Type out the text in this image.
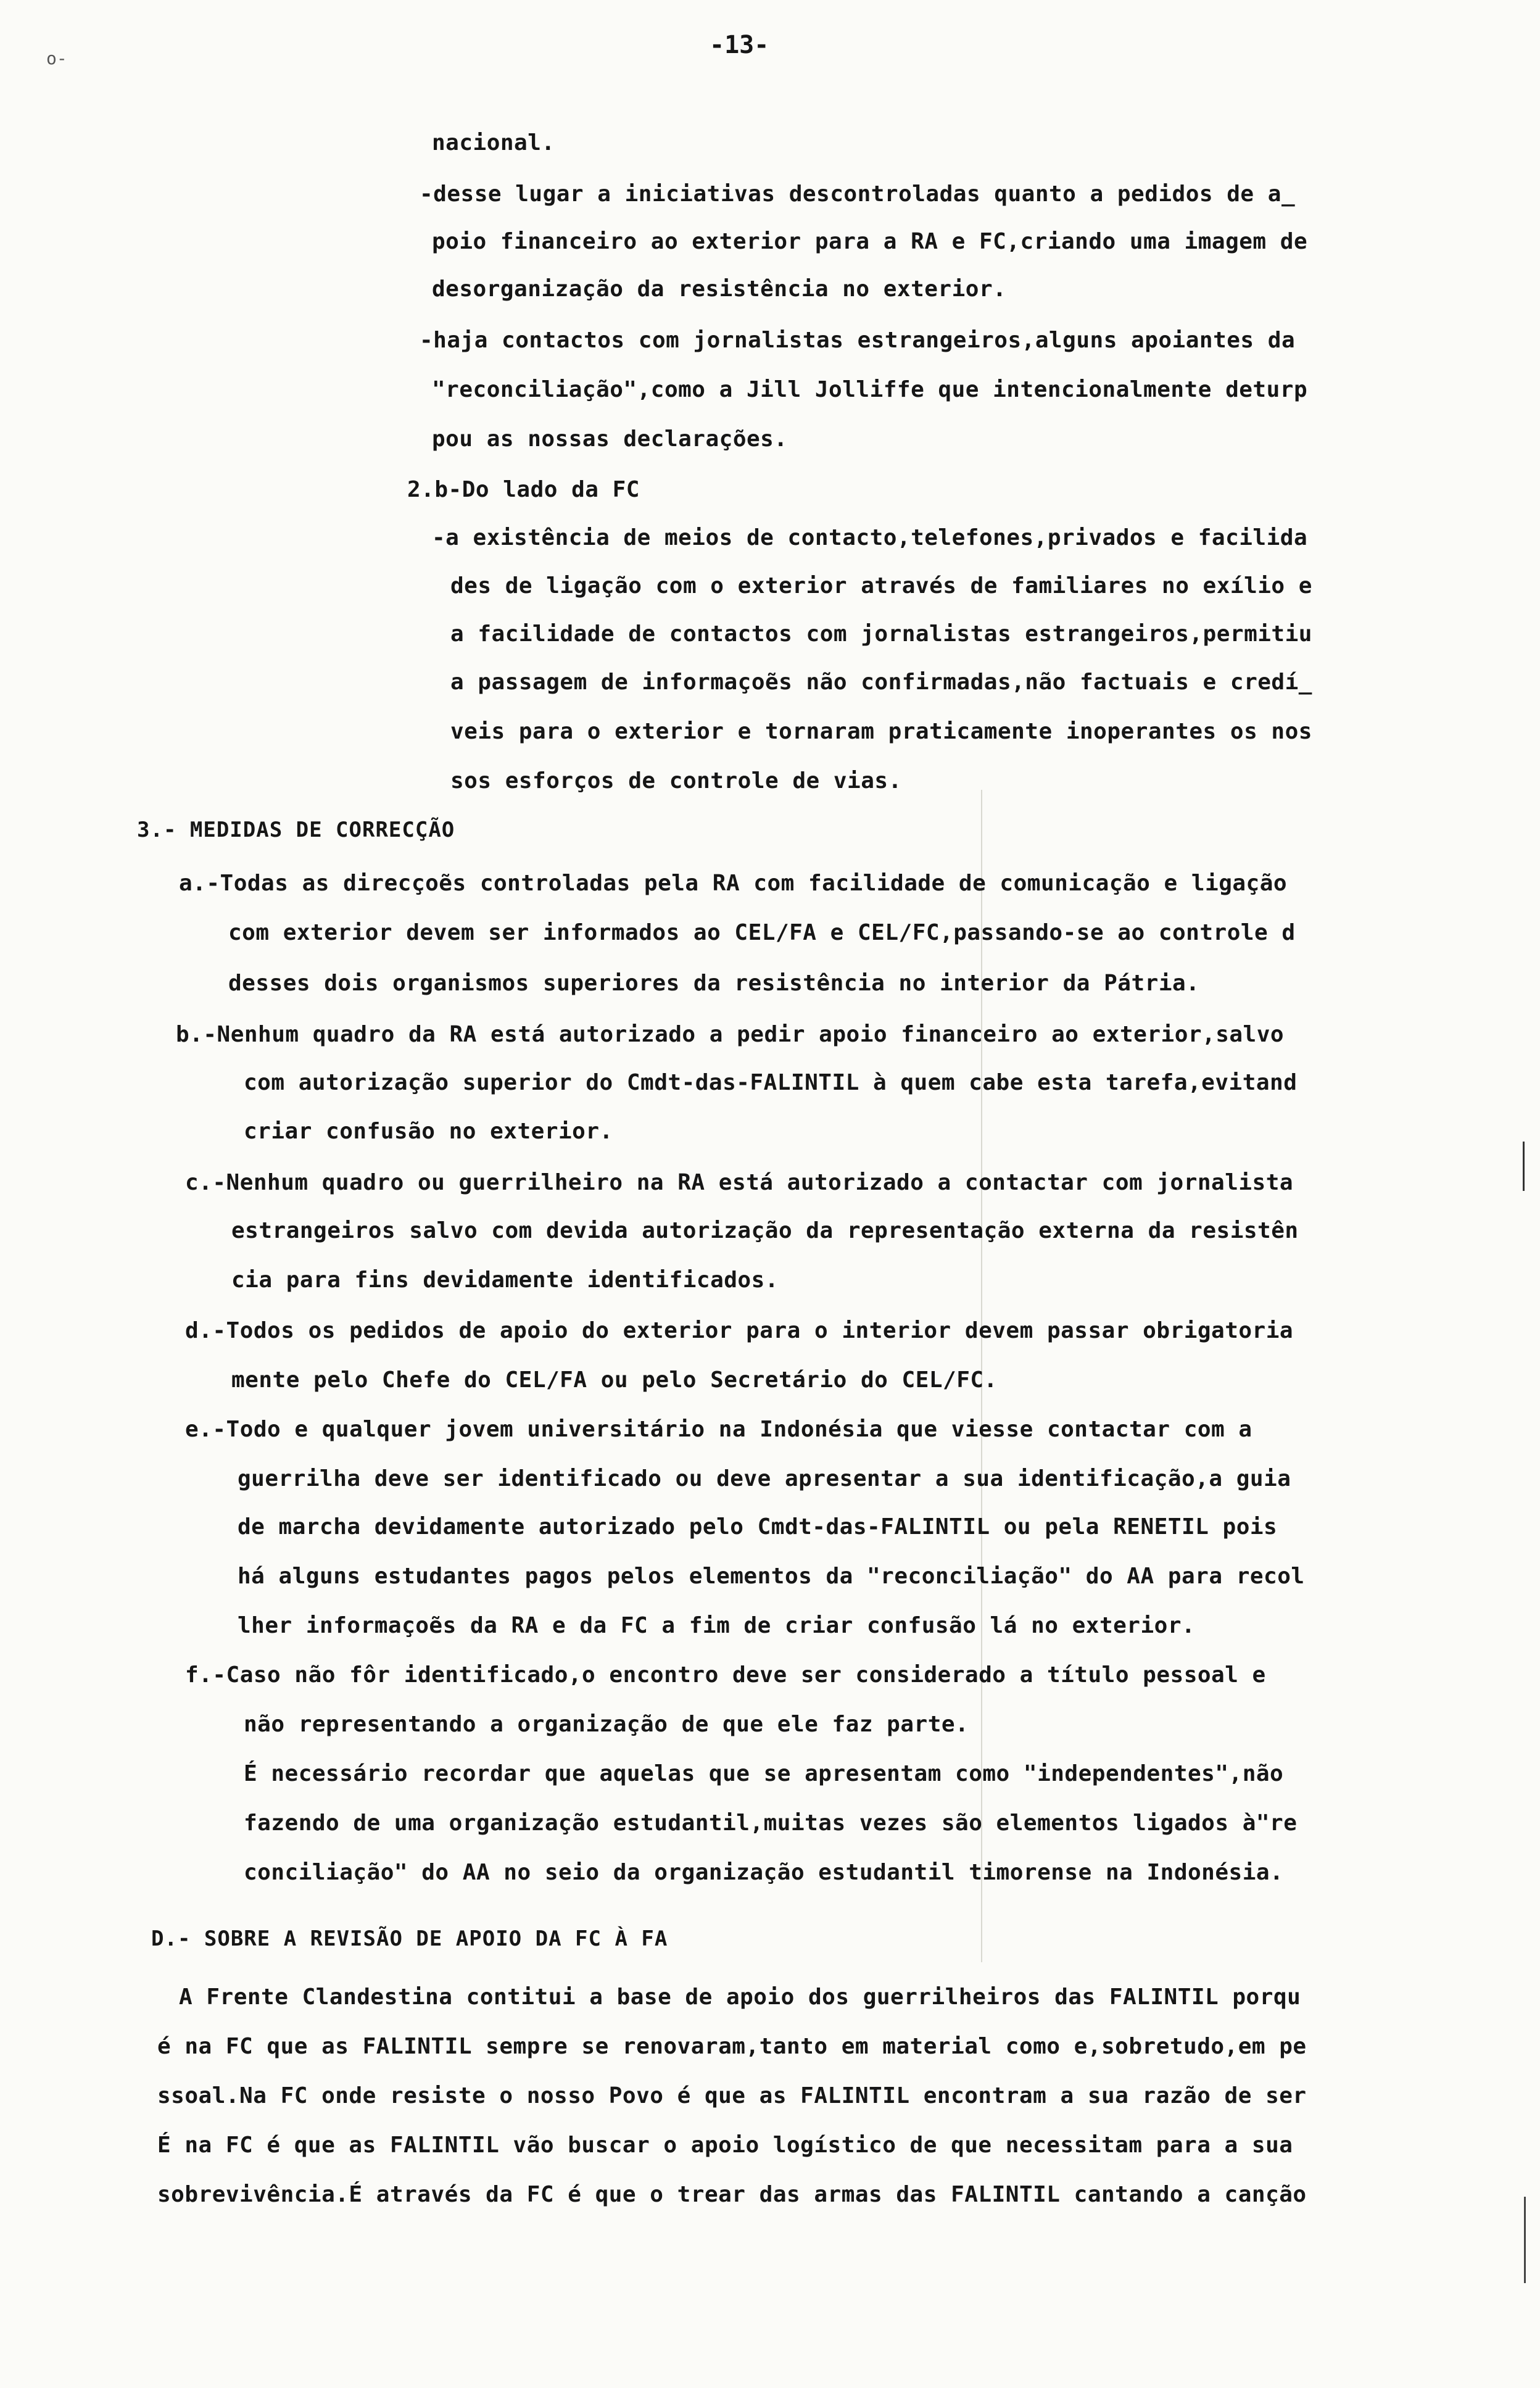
o-	-13-
nacional.
-desse lugar a iniciativas descontroladas quanto a pedidos de a_
poio financeiro ao exterior para a RA e FC,criando uma imagem de
desorganização da resistência no exterior.
-haja contactos com jornalistas estrangeiros,alguns apoiantes da
"reconciliação",como a Jill Jolliffe que intencionalmente deturp
pou as nossas declarações.
2.b-Do lado da FC
-a existência de meios de contacto,telefones,privados e facilida
des de ligação com o exterior através de familiares no exílio e
a facilidade de contactos com jornalistas estrangeiros,permitiu
a passagem de informaçoẽs não confirmadas,não factuais e credí_
veis para o exterior e tornaram praticamente inoperantes os nos
sos esforços de controle de vias.
3.- MEDIDAS DE CORRECÇÃO
a.-Todas as direcçoẽs controladas pela RA com facilidade de comunicação e ligação
com exterior devem ser informados ao CEL/FA e CEL/FC,passando-se ao controle d
desses dois organismos superiores da resistência no interior da Pátria.
b.-Nenhum quadro da RA está autorizado a pedir apoio financeiro ao exterior,salvo
com autorização superior do Cmdt-das-FALINTIL à quem cabe esta tarefa,evitand
criar confusão no exterior.
c.-Nenhum quadro ou guerrilheiro na RA está autorizado a contactar com jornalista
estrangeiros salvo com devida autorização da representação externa da resistên
cia para fins devidamente identificados.
d.-Todos os pedidos de apoio do exterior para o interior devem passar obrigatoria
mente pelo Chefe do CEL/FA ou pelo Secretário do CEL/FC.
e.-Todo e qualquer jovem universitário na Indonésia que viesse contactar com a
guerrilha deve ser identificado ou deve apresentar a sua identificação,a guia
de marcha devidamente autorizado pelo Cmdt-das-FALINTIL ou pela RENETIL pois
há alguns estudantes pagos pelos elementos da "reconciliação" do AA para recol
lher informaçoẽs da RA e da FC a fim de criar confusão lá no exterior.
f.-Caso não fôr identificado,o encontro deve ser considerado a título pessoal e
não representando a organização de que ele faz parte.
É necessário recordar que aquelas que se apresentam como "independentes",não
fazendo de uma organização estudantil,muitas vezes são elementos ligados à"re
conciliação" do AA no seio da organização estudantil timorense na Indonésia.
D.- SOBRE A REVISÃO DE APOIO DA FC À FA
A Frente Clandestina contitui a base de apoio dos guerrilheiros das FALINTIL porqu
é na FC que as FALINTIL sempre se renovaram,tanto em material como e,sobretudo,em pe
ssoal.Na FC onde resiste o nosso Povo é que as FALINTIL encontram a sua razão de ser
É na FC é que as FALINTIL vão buscar o apoio logístico de que necessitam para a sua
sobrevivência.É através da FC é que o trear das armas das FALINTIL cantando a canção
